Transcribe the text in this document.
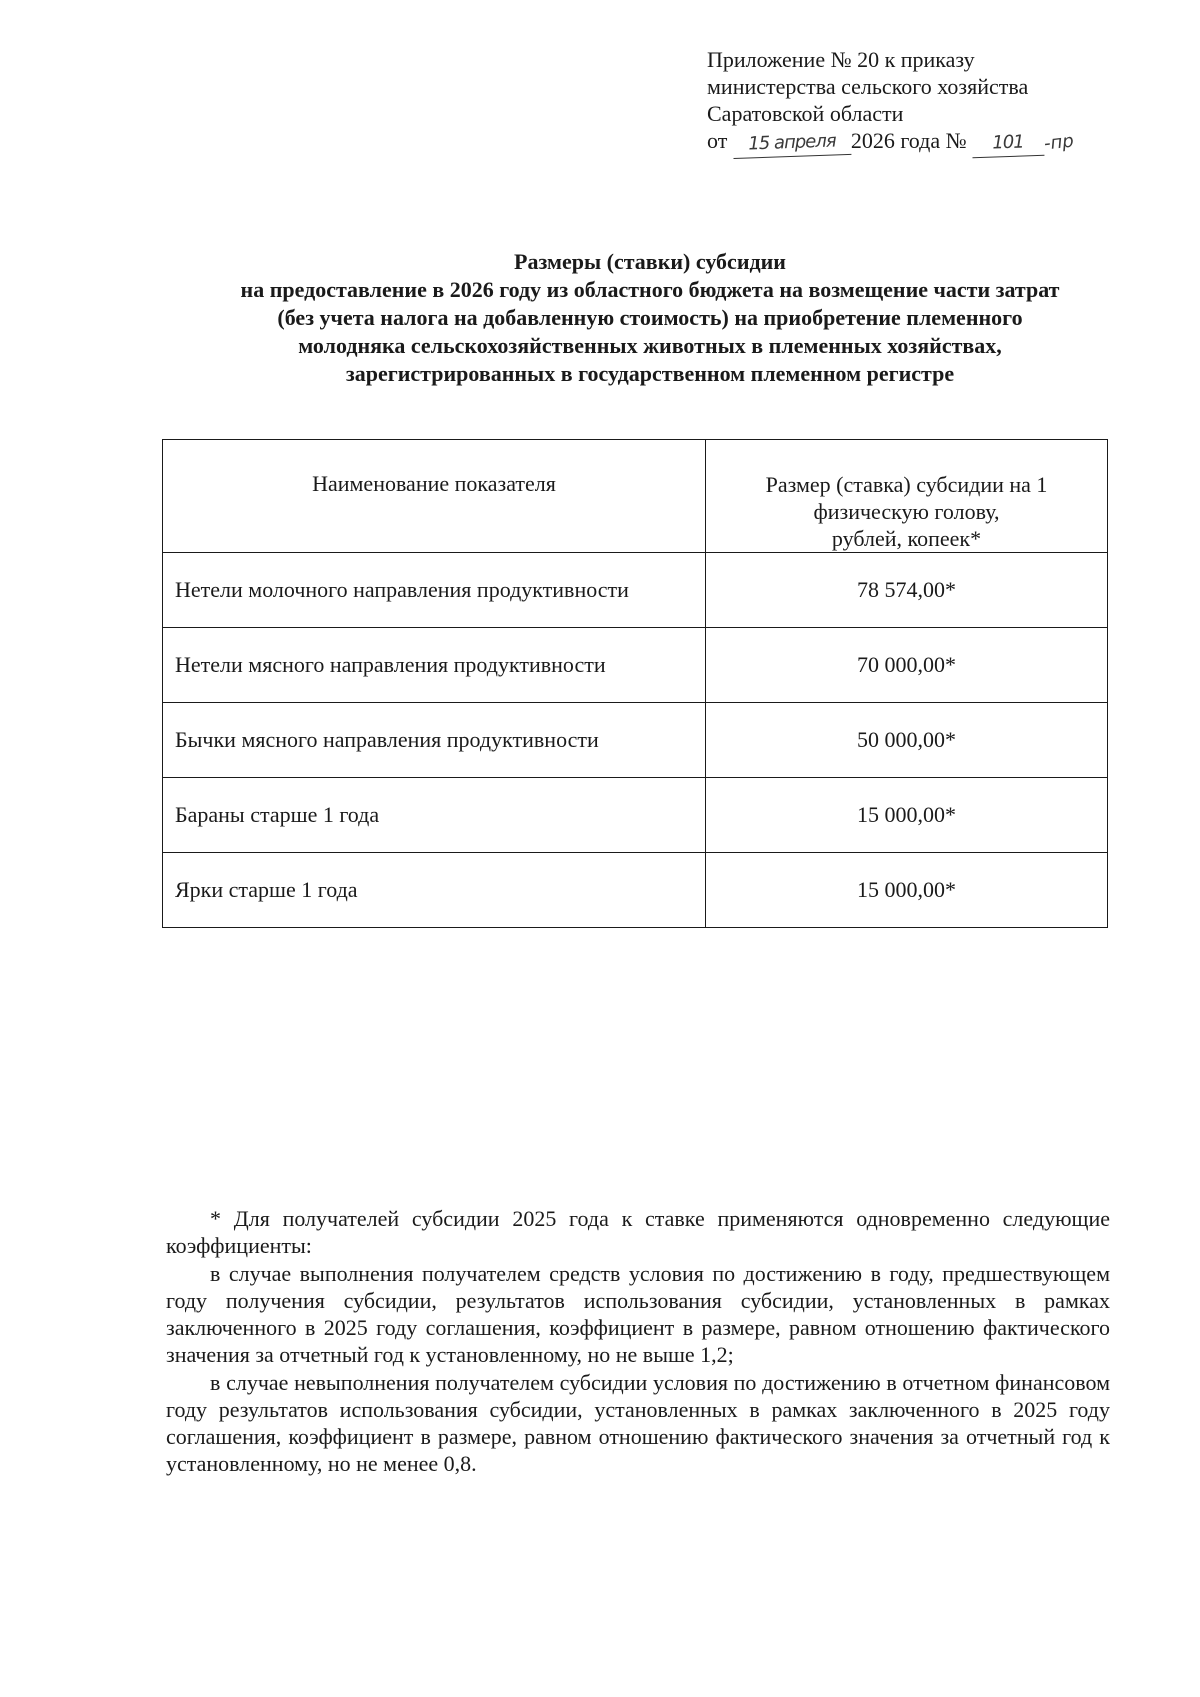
Приложение № 20 к приказу
министерства сельского хозяйства
Саратовской области
от 15 апреля 2026 года № 101 -пр
Размеры (ставки) субсидии
на предоставление в 2026 году из областного бюджета на возмещение части затрат
(без учета налога на добавленную стоимость) на приобретение племенного
молодняка сельскохозяйственных животных в племенных хозяйствах,
зарегистрированных в государственном племенном регистре
Наименование показателя	Размер (ставка) субсидии на 1
физическую голову,
рублей, копеек*

Нетели молочного направления продуктивности	78 574,00*
Нетели мясного направления продуктивности	70 000,00*
Бычки мясного направления продуктивности	50 000,00*
Бараны старше 1 года	15 000,00*
Ярки старше 1 года	15 000,00*

* Для получателей субсидии 2025 года к ставке применяются одновременно следующие коэффициенты:

в случае выполнения получателем средств условия по достижению в году, предшествующем году получения субсидии, результатов использования субсидии, установленных в рамках заключенного в 2025 году соглашения, коэффициент в размере, равном отношению фактического значения за отчетный год к установленному, но не выше 1,2;

в случае невыполнения получателем субсидии условия по достижению в отчетном финансовом году результатов использования субсидии, установленных в рамках заключенного в 2025 году соглашения, коэффициент в размере, равном отношению фактического значения за отчетный год к установленному, но не менее 0,8.
